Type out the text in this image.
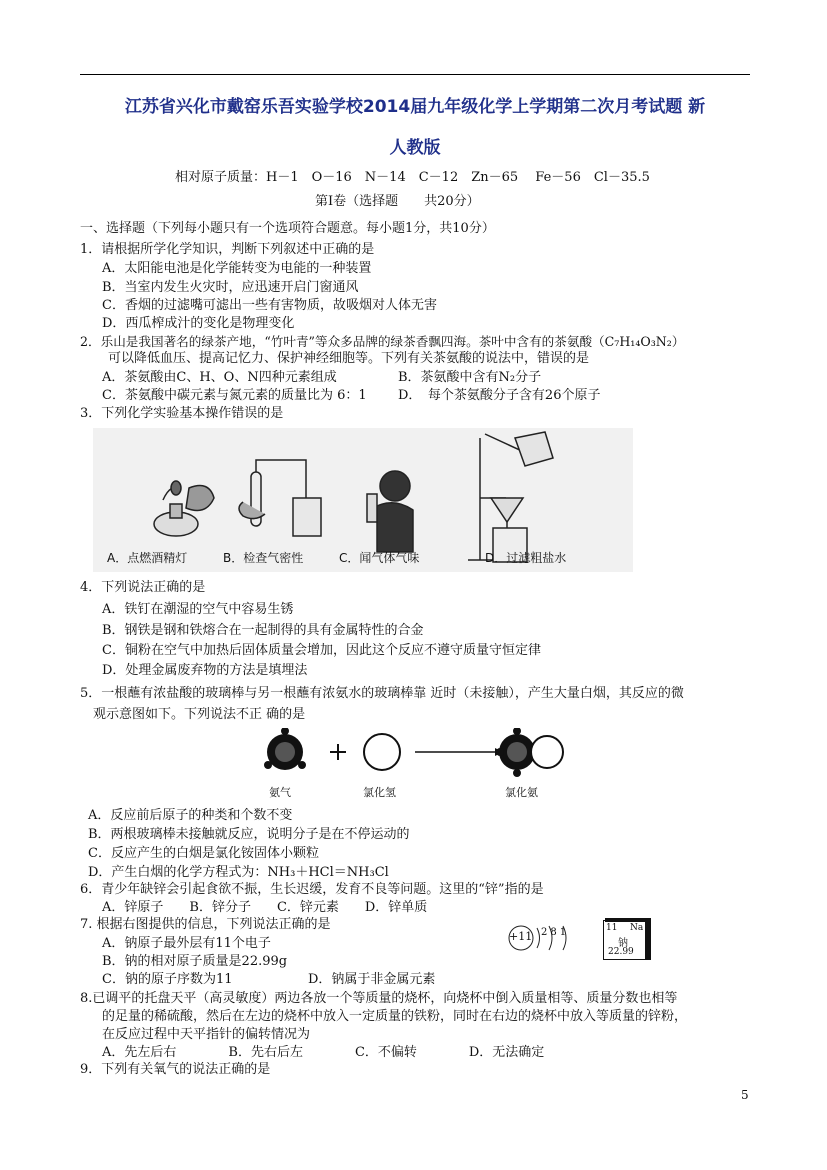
江苏省兴化市戴窑乐吾实验学校2014届九年级化学上学期第二次月考试题 新
人教版
相对原子质量：H－1　O－16　N－14　C－12　Zn－65　 Fe－56　Cl－35.5
第Ⅰ卷（选择题　　共20分）
一、选择题（下列每小题只有一个选项符合题意。每小题1分，共10分）
1．请根据所学化学知识，判断下列叙述中正确的是
A．太阳能电池是化学能转变为电能的一种装置
B．当室内发生火灾时，应迅速开启门窗通风
C．香烟的过滤嘴可滤出一些有害物质，故吸烟对人体无害
D．西瓜榨成汁的变化是物理变化
2．乐山是我国著名的绿茶产地，“竹叶青”等众多品牌的绿茶香飘四海。茶叶中含有的茶氨酸（C₇H₁₄O₃N₂）
可以降低血压、提高记忆力、保护神经细胞等。下列有关茶氨酸的说法中，错误的是
A．茶氨酸由C、H、O、N四种元素组成	B．茶氨酸中含有N₂分子
C．茶氨酸中碳元素与氮元素的质量比为 6：1 D．　每个茶氨酸分子含有26个原子
3．下列化学实验基本操作错误的是
A．点燃酒精灯	B．检查气密性	C．闻气体气味	D．过滤粗盐水
4．下列说法正确的是
A．铁钉在潮湿的空气中容易生锈
B．钢铁是钢和铁熔合在一起制得的具有金属特性的合金
C．铜粉在空气中加热后固体质量会增加，因此这个反应不遵守质量守恒定律
D．处理金属废弃物的方法是填埋法
5．一根蘸有浓盐酸的玻璃棒与另一根蘸有浓氨水的玻璃棒靠 近时（未接触），产生大量白烟，其反应的微
观示意图如下。下列说法不正 确的是
氨气	氯化氢	氯化氨
A．反应前后原子的种类和个数不变
B．两根玻璃棒未接触就反应，说明分子是在不停运动的
C．反应产生的白烟是氯化铵固体小颗粒
D．产生白烟的化学方程式为：NH₃＋HCl＝NH₃Cl
6．青少年缺锌会引起食欲不振，生长迟缓，发育不良等问题。这里的“锌”指的是
A．锌原子　　B．锌分子　　C．锌元素　　D．锌单质
7. 根据右图提供的信息，下列说法正确的是
A．钠原子最外层有11个电子
B．钠的相对原子质量是22.99g
C．钠的原子序数为11	D．钠属于非金属元素
+11 281	11 Na
钠
22.99
8.已调平的托盘天平（高灵敏度）两边各放一个等质量的烧杯，向烧杯中倒入质量相等、质量分数也相等
的足量的稀硫酸，然后在左边的烧杯中放入一定质量的铁粉，同时在右边的烧杯中放入等质量的锌粉，
在反应过程中天平指针的偏转情况为
A．先左后右　　　　B．先右后左　　　　C．不偏转　　　　D．无法确定
9．下列有关氧气的说法正确的是
5
